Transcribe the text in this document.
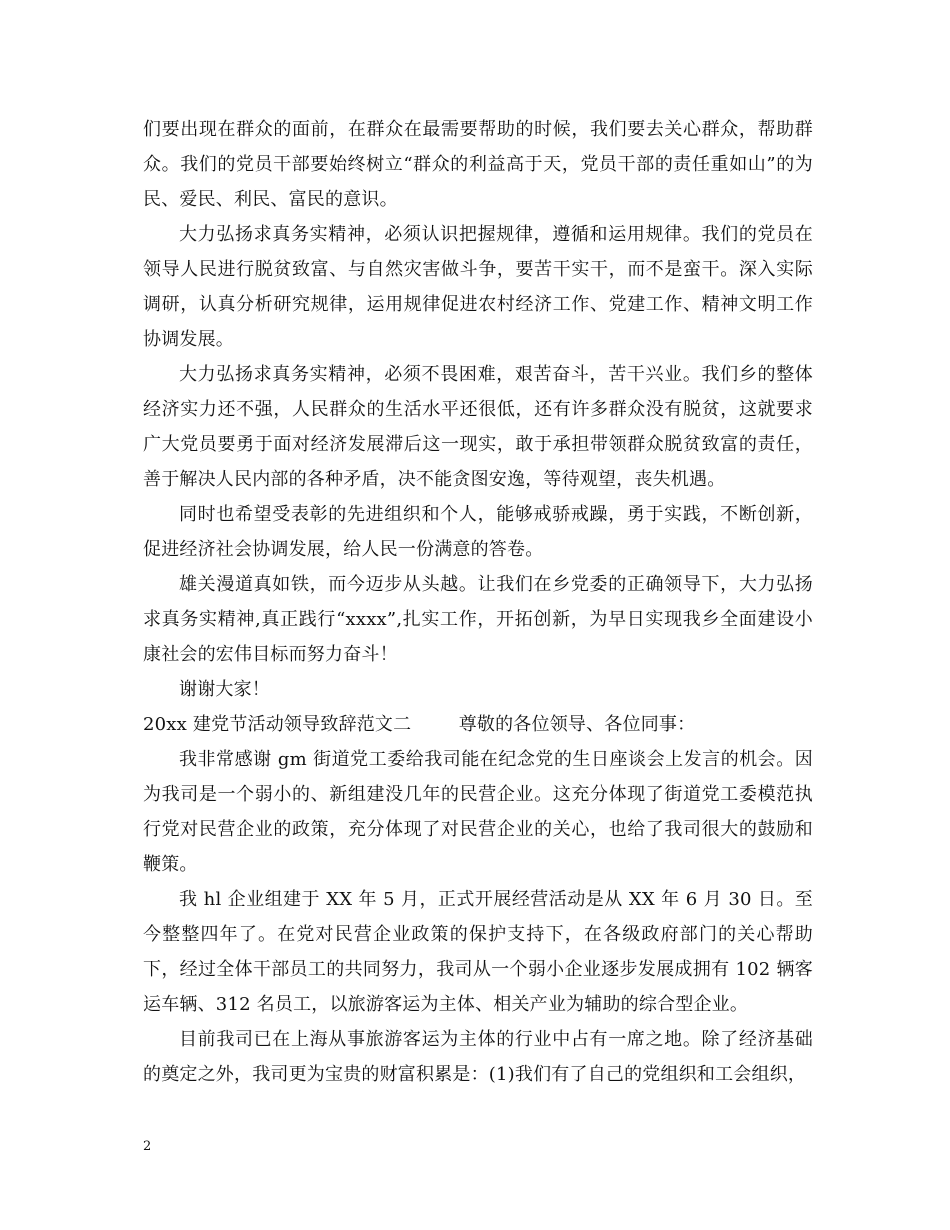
们要出现在群众的面前，在群众在最需要帮助的时候，我们要去关心群众，帮助群众。我们的党员干部要始终树立“群众的利益高于天，党员干部的责任重如山”的为民、爱民、利民、富民的意识。

大力弘扬求真务实精神，必须认识把握规律，遵循和运用规律。我们的党员在领导人民进行脱贫致富、与自然灾害做斗争，要苦干实干，而不是蛮干。深入实际调研，认真分析研究规律，运用规律促进农村经济工作、党建工作、精神文明工作协调发展。

大力弘扬求真务实精神，必须不畏困难，艰苦奋斗，苦干兴业。我们乡的整体经济实力还不强，人民群众的生活水平还很低，还有许多群众没有脱贫，这就要求广大党员要勇于面对经济发展滞后这一现实，敢于承担带领群众脱贫致富的责任，善于解决人民内部的各种矛盾，决不能贪图安逸，等待观望，丧失机遇。

同时也希望受表彰的先进组织和个人，能够戒骄戒躁，勇于实践，不断创新，促进经济社会协调发展，给人民一份满意的答卷。

雄关漫道真如铁，而今迈步从头越。让我们在乡党委的正确领导下，大力弘扬求真务实精神,真正践行“xxxx”,扎实工作，开拓创新，为早日实现我乡全面建设小康社会的宏伟目标而努力奋斗！

谢谢大家！

20xx 建党节活动领导致辞范文二        尊敬的各位领导、各位同事：

我非常感谢 gm 街道党工委给我司能在纪念党的生日座谈会上发言的机会。因为我司是一个弱小的、新组建没几年的民营企业。这充分体现了街道党工委模范执行党对民营企业的政策，充分体现了对民营企业的关心，也给了我司很大的鼓励和鞭策。

我 hl 企业组建于 XX 年 5 月，正式开展经营活动是从 XX 年 6 月 30 日。至今整整四年了。在党对民营企业政策的保护支持下，在各级政府部门的关心帮助下，经过全体干部员工的共同努力，我司从一个弱小企业逐步发展成拥有 102 辆客运车辆、312 名员工，以旅游客运为主体、相关产业为辅助的综合型企业。

目前我司已在上海从事旅游客运为主体的行业中占有一席之地。除了经济基础的奠定之外，我司更为宝贵的财富积累是：(1)我们有了自己的党组织和工会组织，

2
